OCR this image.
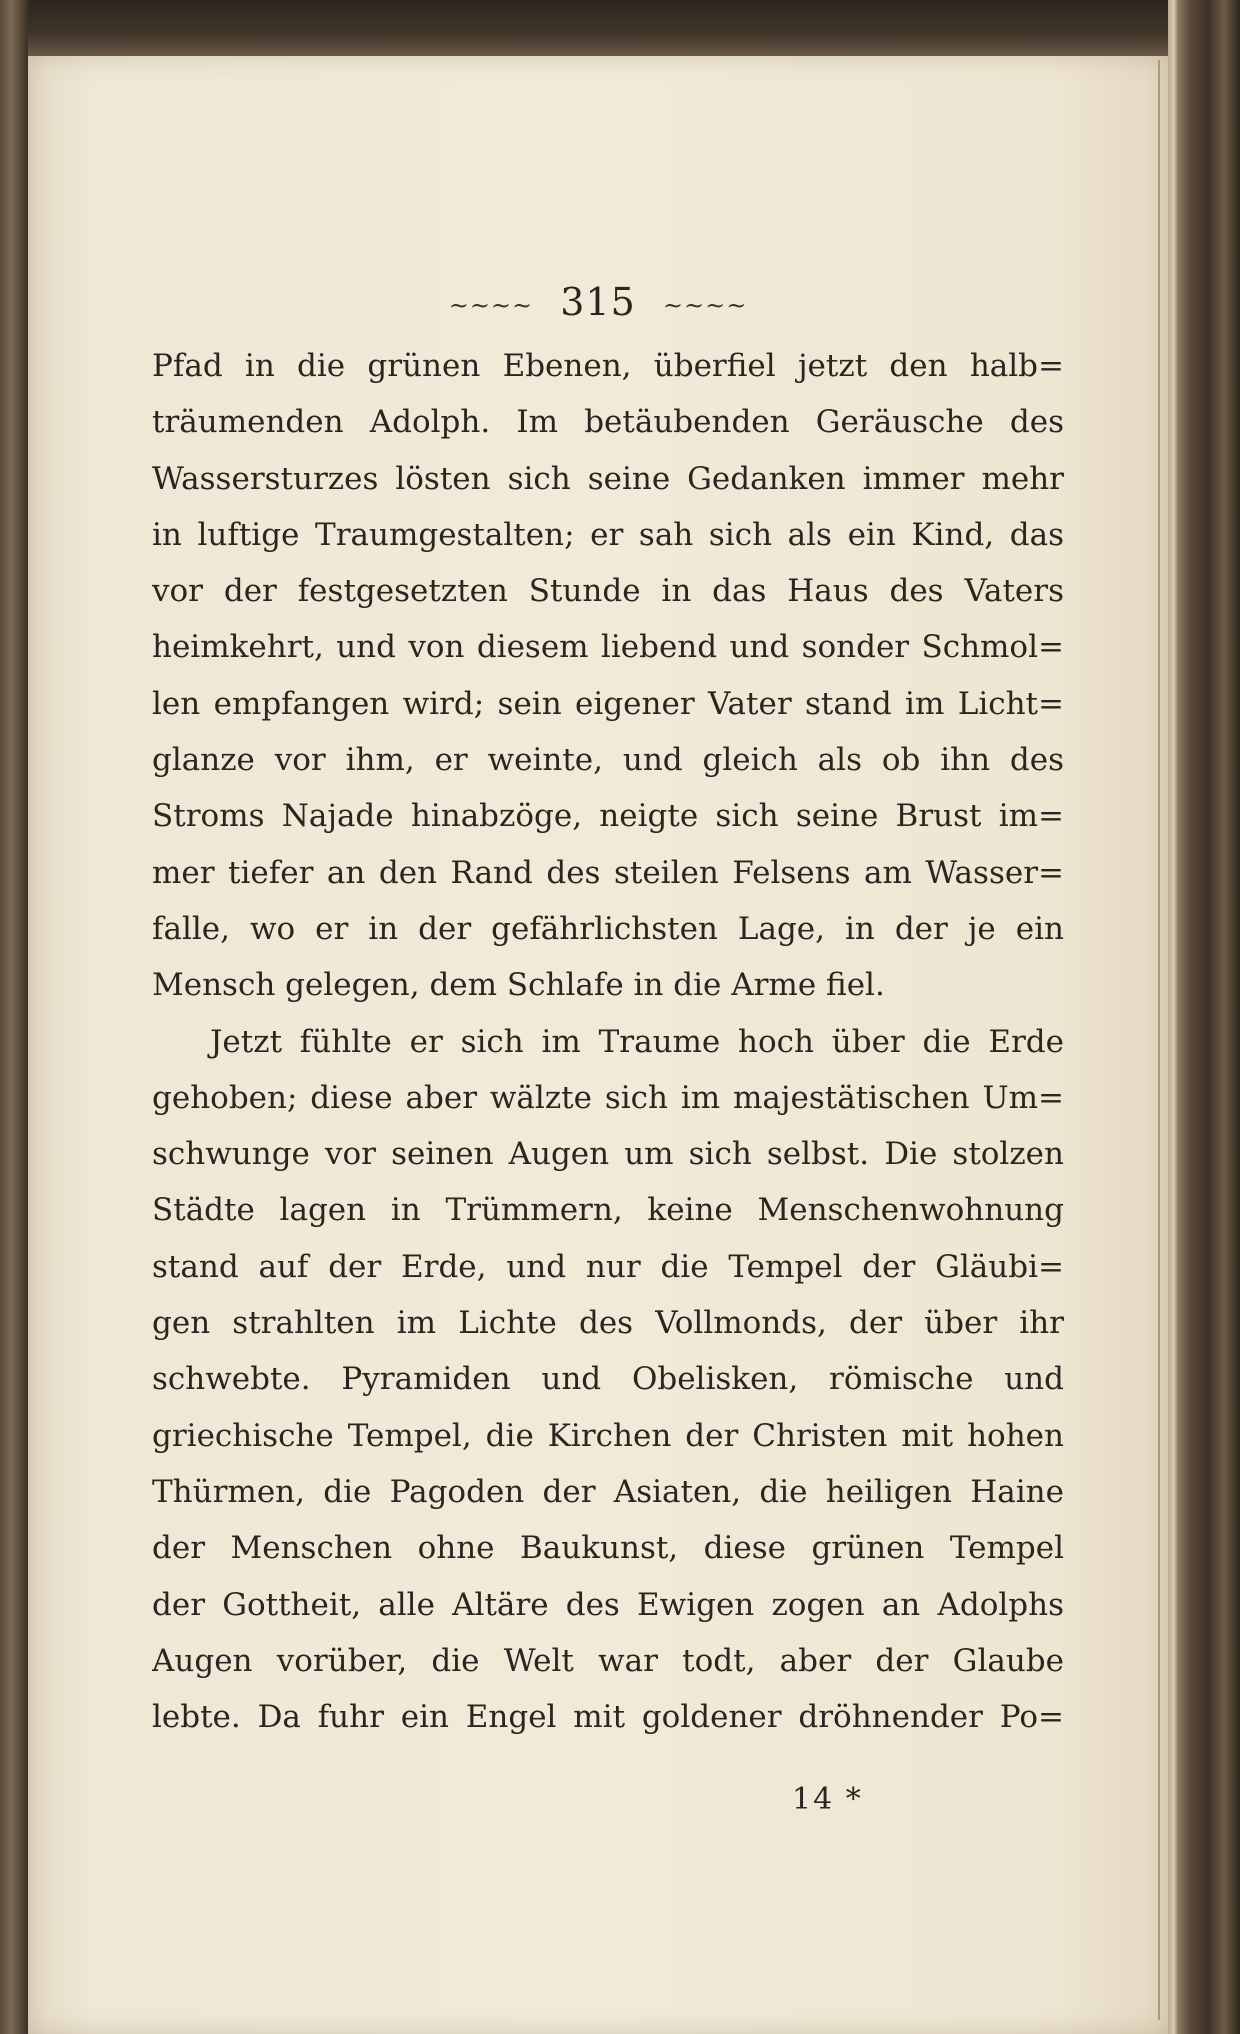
~~~~ 315 ~~~~
Pfad in die grünen Ebenen, überfiel jetzt den halb=
träumenden Adolph. Im betäubenden Geräusche des
Wassersturzes lösten sich seine Gedanken immer mehr
in luftige Traumgestalten; er sah sich als ein Kind, das
vor der festgesetzten Stunde in das Haus des Vaters
heimkehrt, und von diesem liebend und sonder Schmol=
len empfangen wird; sein eigener Vater stand im Licht=
glanze vor ihm, er weinte, und gleich als ob ihn des
Stroms Najade hinabzöge, neigte sich seine Brust im=
mer tiefer an den Rand des steilen Felsens am Wasser=
falle, wo er in der gefährlichsten Lage, in der je ein
Mensch gelegen, dem Schlafe in die Arme fiel.
Jetzt fühlte er sich im Traume hoch über die Erde
gehoben; diese aber wälzte sich im majestätischen Um=
schwunge vor seinen Augen um sich selbst. Die stolzen
Städte lagen in Trümmern, keine Menschenwohnung
stand auf der Erde, und nur die Tempel der Gläubi=
gen strahlten im Lichte des Vollmonds, der über ihr
schwebte. Pyramiden und Obelisken, römische und
griechische Tempel, die Kirchen der Christen mit hohen
Thürmen, die Pagoden der Asiaten, die heiligen Haine
der Menschen ohne Baukunst, diese grünen Tempel
der Gottheit, alle Altäre des Ewigen zogen an Adolphs
Augen vorüber, die Welt war todt, aber der Glaube
lebte. Da fuhr ein Engel mit goldener dröhnender Po=
14 *
